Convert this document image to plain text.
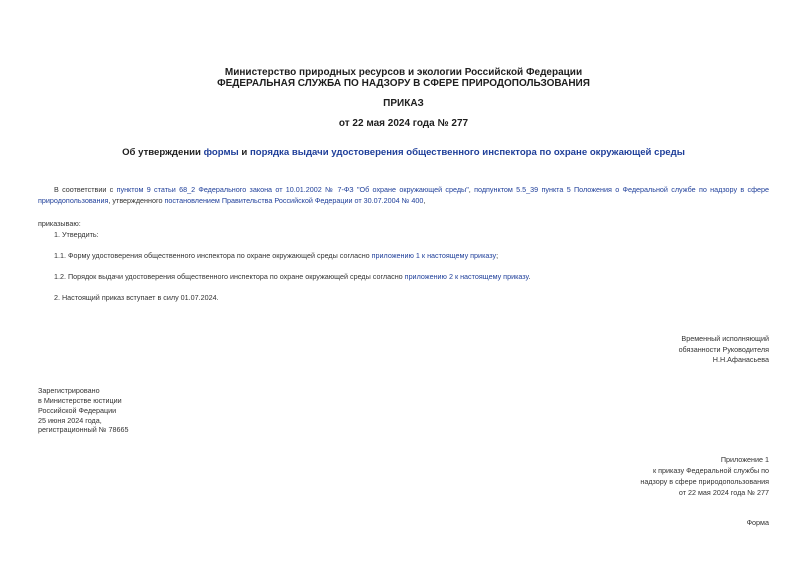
Министерство природных ресурсов и экологии Российской Федерации
ФЕДЕРАЛЬНАЯ СЛУЖБА ПО НАДЗОРУ В СФЕРЕ ПРИРОДОПОЛЬЗОВАНИЯ
ПРИКАЗ
от 22 мая 2024 года № 277
Об утверждении формы и порядка выдачи удостоверения общественного инспектора по охране окружающей среды
В соответствии с пунктом 9 статьи 68_2 Федерального закона от 10.01.2002 № 7-ФЗ "Об охране окружающей среды", подпунктом 5.5_39 пункта 5 Положения о Федеральной службе по надзору в сфере
природопользования, утвержденного постановлением Правительства Российской Федерации от 30.07.2004 № 400,
приказываю:
1. Утвердить:
1.1. Форму удостоверения общественного инспектора по охране окружающей среды согласно приложению 1 к настоящему приказу;
1.2. Порядок выдачи удостоверения общественного инспектора по охране окружающей среды согласно приложению 2 к настоящему приказу.
2. Настоящий приказ вступает в силу 01.07.2024.
Временный исполняющий
обязанности Руководителя
Н.Н.Афанасьева
Зарегистрировано
в Министерстве юстиции
Российской Федерации
25 июня 2024 года,
регистрационный № 78665
Приложение 1
к приказу Федеральной службы по
надзору в сфере природопользования
от 22 мая 2024 года № 277
Форма
